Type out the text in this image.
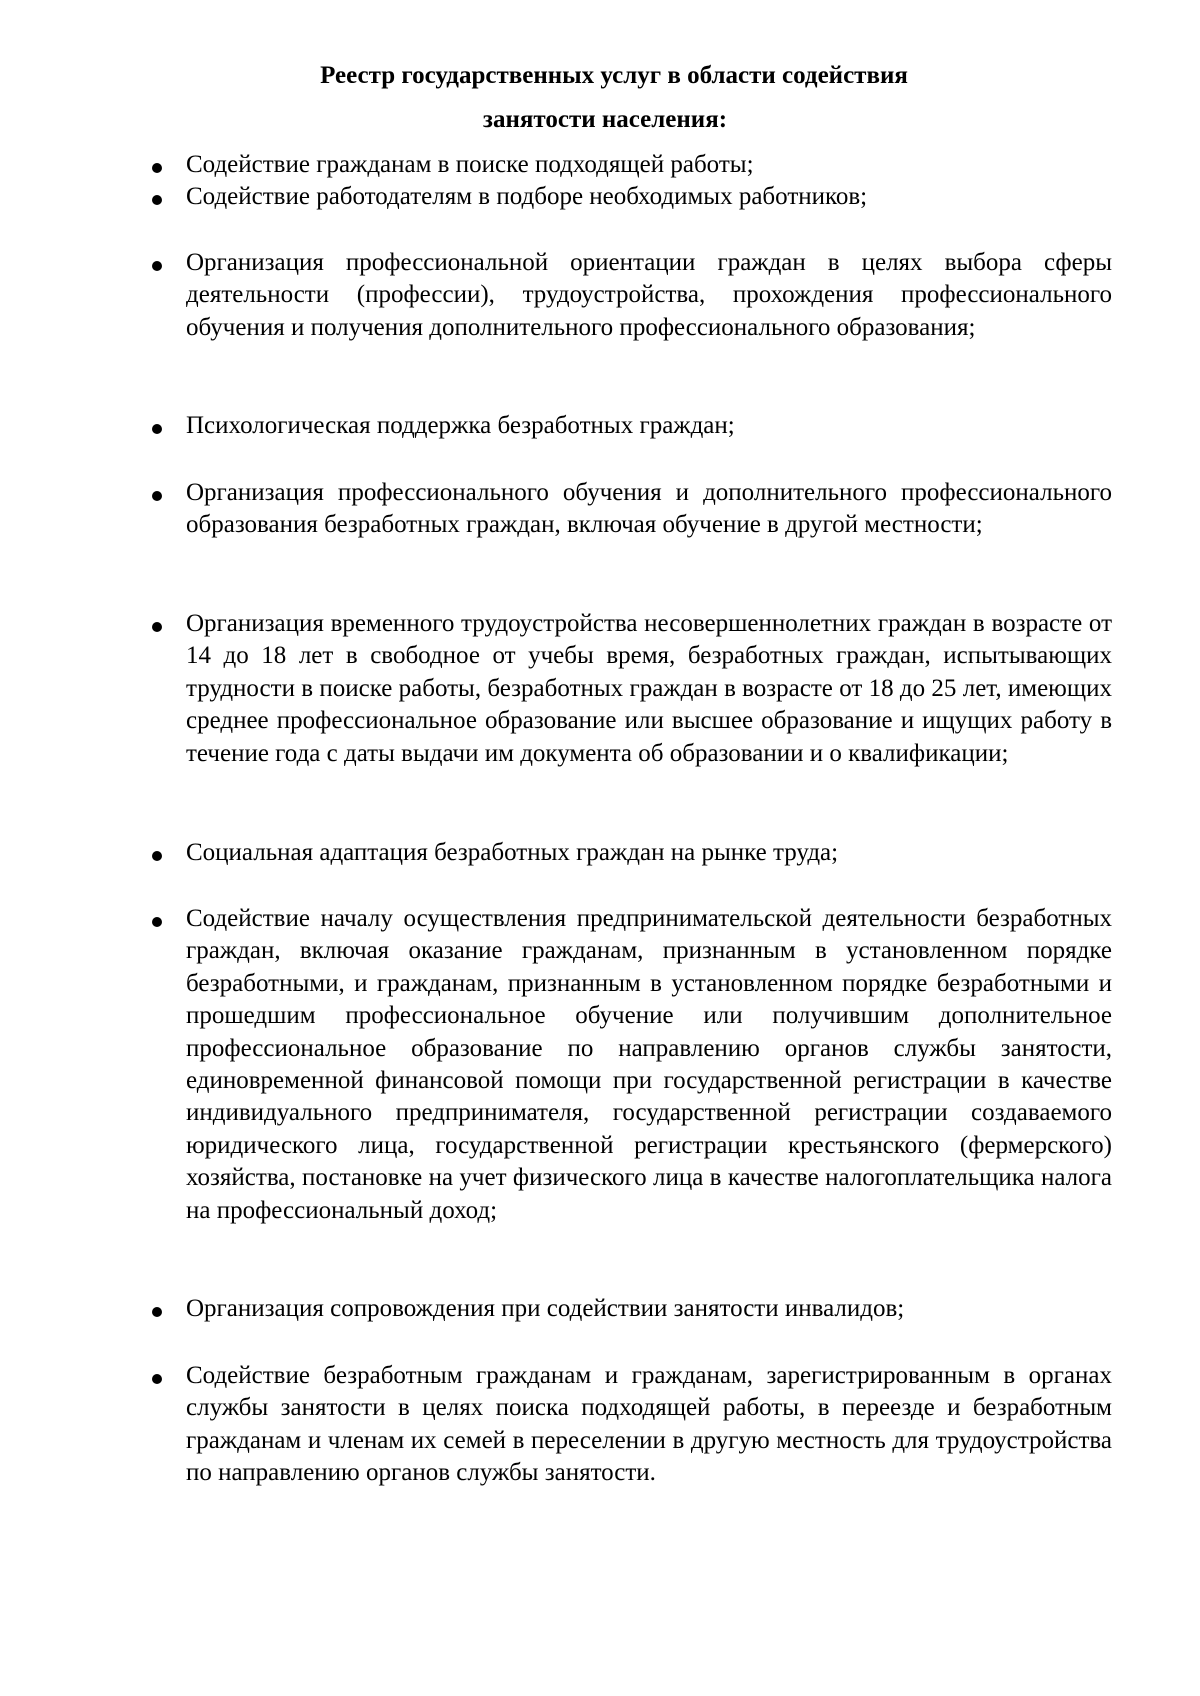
Реестр государственных услуг в области содействия
занятости населения:
Содействие гражданам в поиске подходящей работы;
Содействие работодателям в подборе необходимых работников;
Организация профессиональной ориентации граждан в целях выбора сферы деятельности (профессии), трудоустройства, прохождения профессионального обучения и получения дополнительного профессионального образования;
Психологическая поддержка безработных граждан;
Организация профессионального обучения и дополнительного профессионального образования безработных граждан, включая обучение в другой местности;
Организация временного трудоустройства несовершеннолетних граждан в возрасте от 14 до 18 лет в свободное от учебы время, безработных граждан, испытывающих трудности в поиске работы, безработных граждан в возрасте от 18 до 25 лет, имеющих среднее профессиональное образование или высшее образование и ищущих работу в течение года с даты выдачи им документа об образовании и о квалификации;
Социальная адаптация безработных граждан на рынке труда;
Содействие началу осуществления предпринимательской деятельности безработных граждан, включая оказание гражданам, признанным в установленном порядке безработными, и гражданам, признанным в установленном порядке безработными и прошедшим профессиональное обучение или получившим дополнительное профессиональное образование по направлению органов службы занятости, единовременной финансовой помощи при государственной регистрации в качестве индивидуального предпринимателя, государственной регистрации создаваемого юридического лица, государственной регистрации крестьянского (фермерского) хозяйства, постановке на учет физического лица в качестве налогоплательщика налога на профессиональный доход;
Организация сопровождения при содействии занятости инвалидов;
Содействие безработным гражданам и гражданам, зарегистрированным в органах службы занятости в целях поиска подходящей работы, в переезде и безработным гражданам и членам их семей в переселении в другую местность для трудоустройства по направлению органов службы занятости.
